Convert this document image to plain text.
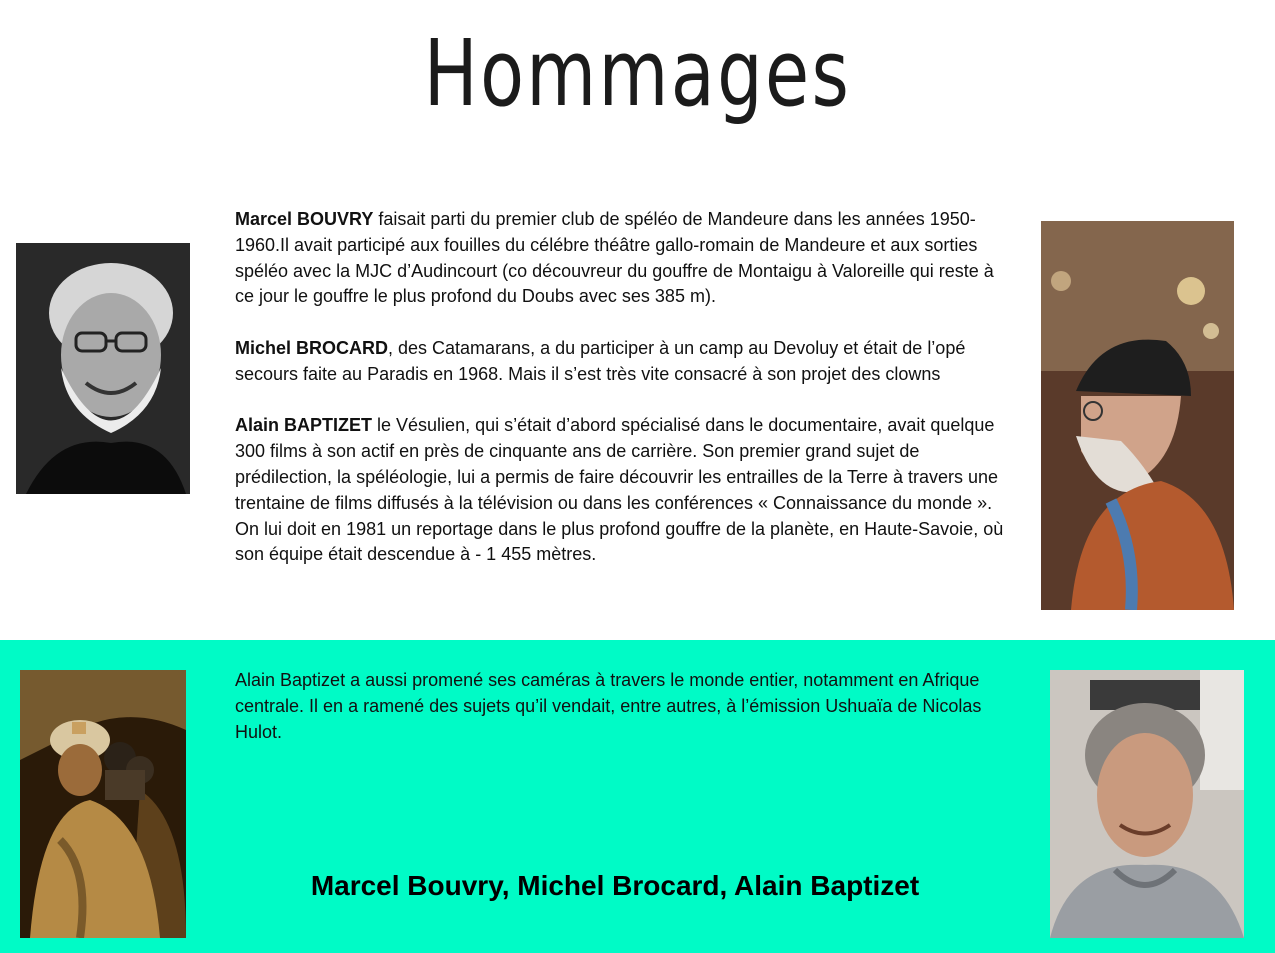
Hommages

Marcel BOUVRY faisait parti du premier club de spéléo de Mandeure dans les années 1950-1960.Il avait participé aux fouilles du célébre théâtre gallo-romain de Mandeure et aux sorties spéléo avec la MJC d’Audincourt (co découvreur du gouffre de Montaigu à Valoreille qui reste à ce jour le gouffre le plus profond du Doubs avec ses 385 m).

Michel BROCARD, des Catamarans, a du participer à un camp au Devoluy et était de l’opé secours faite au Paradis en 1968. Mais il s’est très vite consacré à son projet des clowns

Alain BAPTIZET le Vésulien, qui s’était d’abord spécialisé dans le documentaire, avait quelque 300 films à son actif en près de cinquante ans de carrière. Son premier grand sujet de prédilection, la spéléologie, lui a permis de faire découvrir les entrailles de la Terre à travers une trentaine de films diffusés à la télévision ou dans les conférences « Connaissance du monde ». On lui doit en 1981 un reportage dans le plus profond gouffre de la planète, en Haute-Savoie, où son équipe était descendue à - 1 455 mètres.

Alain Baptizet a aussi promené ses caméras à travers le monde entier, notamment en Afrique centrale. Il en a ramené des sujets qu’il vendait, entre autres, à l’émission Ushuaïa de Nicolas Hulot.

Marcel Bouvry, Michel Brocard, Alain Baptizet
